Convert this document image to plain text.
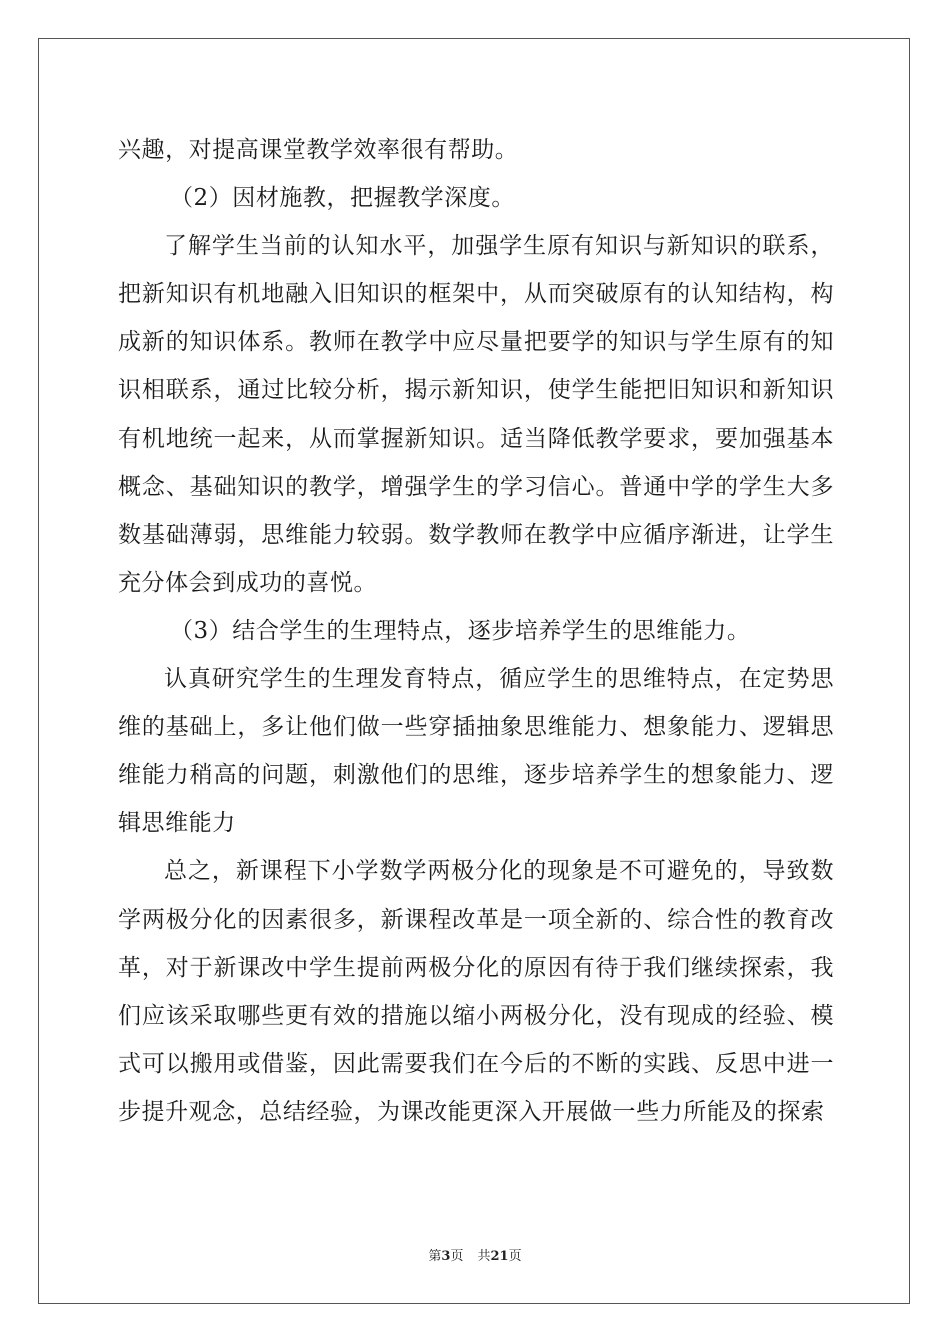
兴趣，对提高课堂教学效率很有帮助。

（2）因材施教，把握教学深度。

了解学生当前的认知水平，加强学生原有知识与新知识的联系，把新知识有机地融入旧知识的框架中，从而突破原有的认知结构，构成新的知识体系。教师在教学中应尽量把要学的知识与学生原有的知识相联系，通过比较分析，揭示新知识，使学生能把旧知识和新知识有机地统一起来，从而掌握新知识。适当降低教学要求，要加强基本概念、基础知识的教学，增强学生的学习信心。普通中学的学生大多数基础薄弱，思维能力较弱。数学教师在教学中应循序渐进，让学生充分体会到成功的喜悦。

（3）结合学生的生理特点，逐步培养学生的思维能力。

认真研究学生的生理发育特点，循应学生的思维特点，在定势思维的基础上，多让他们做一些穿插抽象思维能力、想象能力、逻辑思维能力稍高的问题，刺激他们的思维，逐步培养学生的想象能力、逻辑思维能力

总之，新课程下小学数学两极分化的现象是不可避免的，导致数学两极分化的因素很多，新课程改革是一项全新的、综合性的教育改革，对于新课改中学生提前两极分化的原因有待于我们继续探索，我们应该采取哪些更有效的措施以缩小两极分化，没有现成的经验、模式可以搬用或借鉴，因此需要我们在今后的不断的实践、反思中进一步提升观念，总结经验，为课改能更深入开展做一些力所能及的探索

第3页 共21页
